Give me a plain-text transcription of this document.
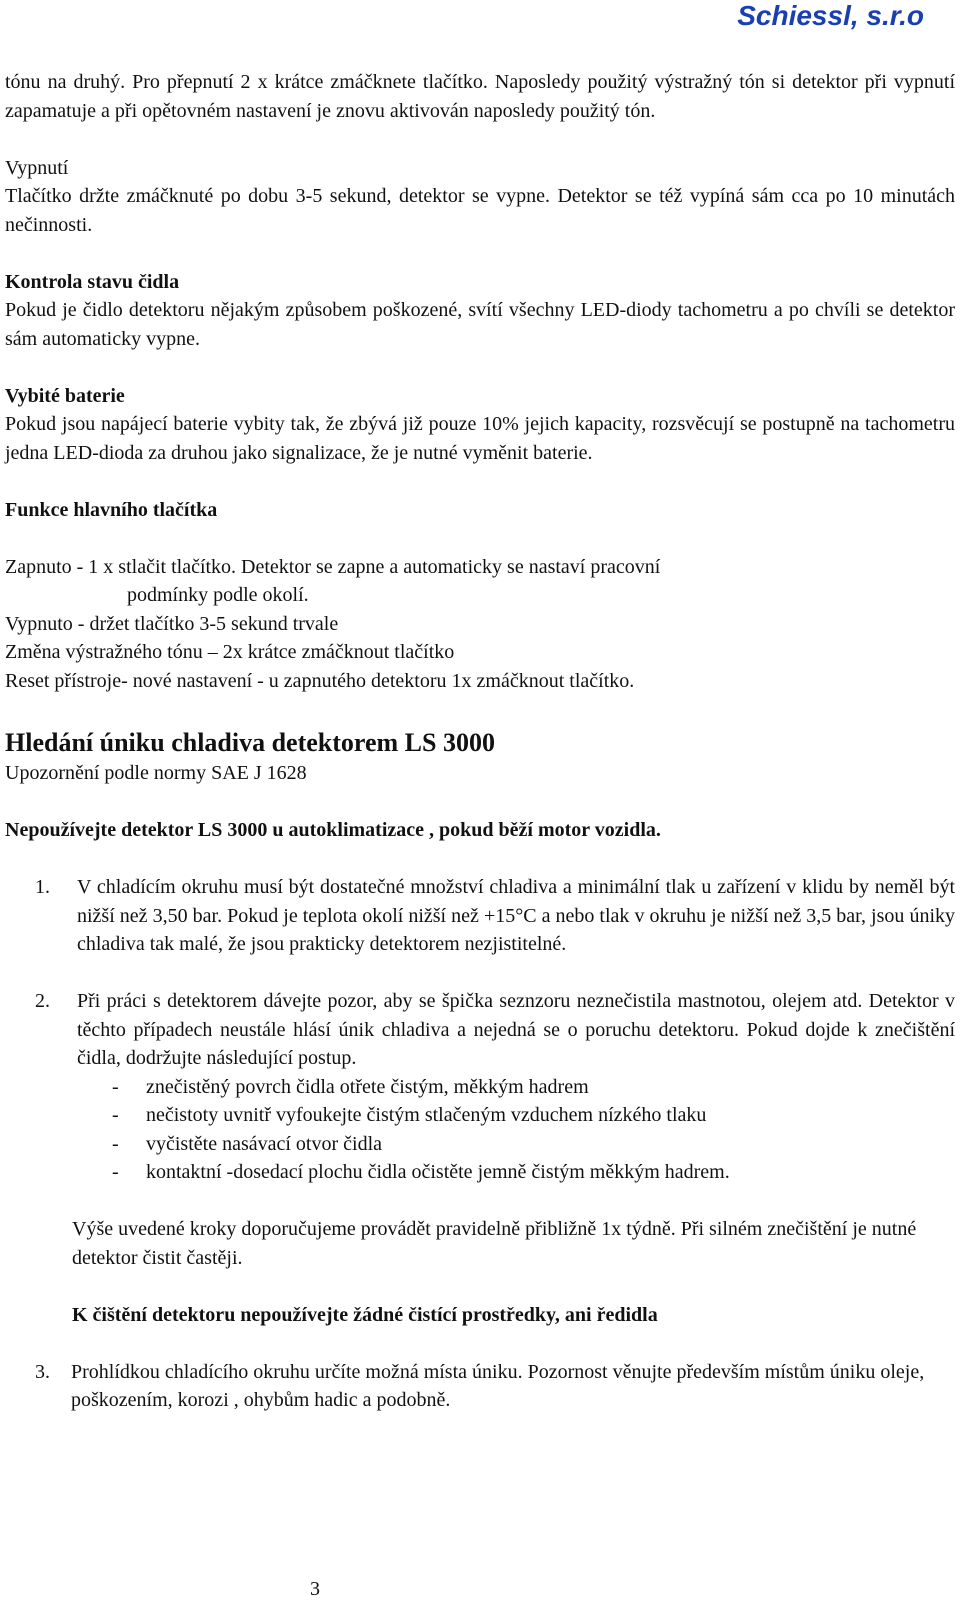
Schiessl, s.r.o

tónu na druhý. Pro přepnutí 2 x krátce zmáčknete tlačítko. Naposledy použitý výstražný tón si detektor při vypnutí zapamatuje a při opětovném nastavení je znovu aktivován naposledy použitý tón.

Vypnutí

Tlačítko držte zmáčknuté po dobu 3-5 sekund, detektor se vypne. Detektor se též vypíná sám cca po 10 minutách nečinnosti.

Kontrola stavu čidla

Pokud je čidlo detektoru nějakým způsobem poškozené, svítí všechny LED-diody tachometru a po chvíli se detektor sám automaticky vypne.

Vybité baterie

Pokud jsou napájecí baterie vybity tak, že zbývá již pouze 10% jejich kapacity, rozsvěcují se postupně na tachometru jedna LED-dioda za druhou jako signalizace, že je nutné vyměnit baterie.

Funkce hlavního tlačítka

Zapnuto - 1 x stlačit tlačítko. Detektor se zapne a automaticky se nastaví pracovní

podmínky podle okolí.

Vypnuto - držet tlačítko 3-5 sekund trvale

Změna výstražného tónu – 2x krátce zmáčknout tlačítko

Reset přístroje- nové nastavení - u zapnutého detektoru 1x zmáčknout tlačítko.

Hledání úniku chladiva detektorem LS 3000

Upozornění podle normy SAE J 1628

Nepoužívejte detektor LS 3000 u autoklimatizace , pokud běží motor vozidla.

1.	V chladícím okruhu musí být dostatečné množství chladiva a minimální tlak u zařízení v klidu by neměl být nižší než 3,50 bar. Pokud je teplota okolí nižší než +15°C a nebo tlak v okruhu je nižší než 3,5 bar, jsou úniky chladiva tak malé, že jsou prakticky detektorem nezjistitelné.
2.	Při práci s detektorem dávejte pozor, aby se špička seznzoru neznečistila mastnotou, olejem atd. Detektor v těchto případech neustále hlásí únik chladiva a nejedná se o poruchu detektoru. Pokud dojde k znečištění čidla, dodržujte následující postup.
-	znečistěný povrch čidla otřete čistým, měkkým hadrem
-	nečistoty uvnitř vyfoukejte čistým stlačeným vzduchem nízkého tlaku
-	vyčistěte nasávací otvor čidla
-	kontaktní -dosedací plochu čidla očistěte jemně čistým měkkým hadrem.

Výše uvedené kroky doporučujeme provádět pravidelně přibližně 1x týdně. Při silném znečištění je nutné detektor čistit častěji.

K čištění detektoru nepoužívejte žádné čistící prostředky, ani ředidla

3.	Prohlídkou chladícího okruhu určíte možná místa úniku. Pozornost věnujte především místům úniku oleje, poškozením, korozi , ohybům hadic a podobně.
3
